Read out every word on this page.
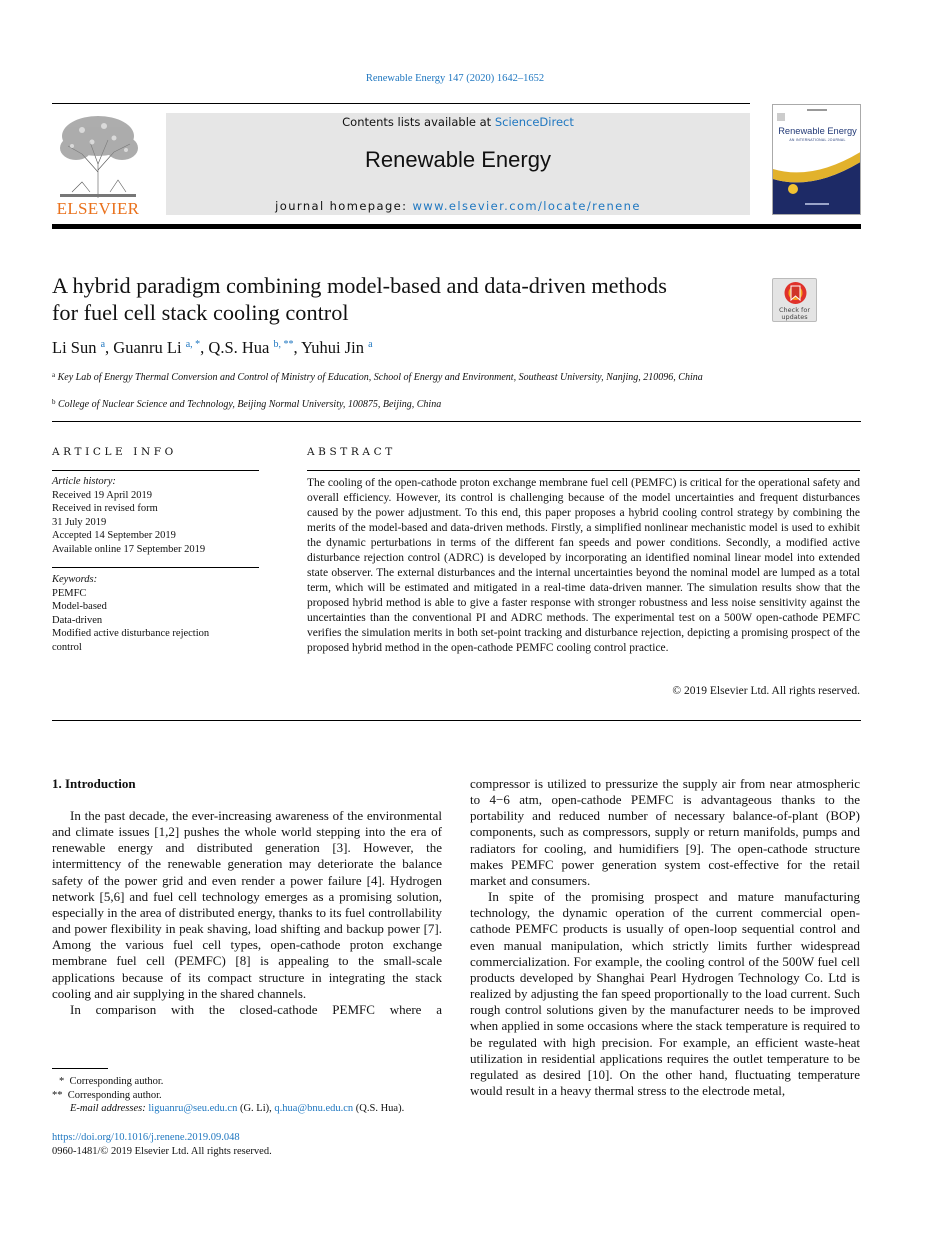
Renewable Energy 147 (2020) 1642–1652
ELSEVIER
Contents lists available at ScienceDirect
Renewable Energy
journal homepage: www.elsevier.com/locate/renene
Renewable Energy
AN INTERNATIONAL JOURNAL
A hybrid paradigm combining model-based and data-driven methods
for fuel cell stack cooling control	Check for
updates
Li Sun $^a$, Guanru Li $^{a, *}$, Q.S. Hua $^{b, **}$, Yuhui Jin $^a$
$^a$ Key Lab of Energy Thermal Conversion and Control of Ministry of Education, School of Energy and Environment, Southeast University, Nanjing, 210096, China
$^b$ College of Nuclear Science and Technology, Beijing Normal University, 100875, Beijing, China
ARTICLE INFO
Article history:
Received 19 April 2019
Received in revised form
31 July 2019
Accepted 14 September 2019
Available online 17 September 2019
Keywords:
PEMFC
Model-based
Data-driven
Modified active disturbance rejection
control
ABSTRACT
The cooling of the open-cathode proton exchange membrane fuel cell (PEMFC) is critical for the operational safety and overall efficiency. However, its control is challenging because of the model uncertainties and frequent disturbances caused by the power adjustment. To this end, this paper proposes a hybrid cooling control strategy by combining the merits of the model-based and data-driven methods. Firstly, a simplified nonlinear mechanistic model is used to exhibit the dynamic perturbations in terms of the different fan speeds and power conditions. Secondly, a modified active disturbance rejection control (ADRC) is developed by incorporating an identified nominal linear model into extended state observer. The external disturbances and the internal uncertainties beyond the nominal model are lumped as a total term, which will be estimated and mitigated in a real-time data-driven manner. The simulation results show that the proposed hybrid method is able to give a faster response with stronger robustness and less noise sensitivity against the uncertainties than the conventional PI and ADRC methods. The experimental test on a 500W open-cathode PEMFC verifies the simulation merits in both set-point tracking and disturbance rejection, depicting a promising prospect of the proposed hybrid method in the open-cathode PEMFC cooling control practice.
© 2019 Elsevier Ltd. All rights reserved.
1. Introduction

In the past decade, the ever-increasing awareness of the environmental and climate issues [1,2] pushes the whole world stepping into the era of renewable energy and distributed generation [3]. However, the intermittency of the renewable generation may deteriorate the balance safety of the power grid and even render a power failure [4]. Hydrogen network [5,6] and fuel cell technology emerges as a promising solution, especially in the area of distributed energy, thanks to its fuel controllability and power flexibility in peak shaving, load shifting and backup power [7]. Among the various fuel cell types, open-cathode proton exchange membrane fuel cell (PEMFC) [8] is appealing to the small-scale applications because of its compact structure in integrating the stack cooling and air supplying in the shared channels.

In comparison with the closed-cathode PEMFC where a

compressor is utilized to pressurize the supply air from near atmospheric to 4−6 atm, open-cathode PEMFC is advantageous thanks to the portability and reduced number of necessary balance-of-plant (BOP) components, such as compressors, supply or return manifolds, pumps and radiators for cooling, and humidifiers [9]. The open-cathode structure makes PEMFC power generation system cost-effective for the retail market and consumers.

In spite of the promising prospect and mature manufacturing technology, the dynamic operation of the current commercial open-cathode PEMFC products is usually of open-loop sequential control and even manual manipulation, which strictly limits further widespread commercialization. For example, the cooling control of the 500W fuel cell products developed by Shanghai Pearl Hydrogen Technology Co. Ltd is realized by adjusting the fan speed proportionally to the load current. Such rough control solutions given by the manufacturer needs to be improved when applied in some occasions where the stack temperature is required to be regulated with high precision. For example, an efficient waste-heat utilization in residential applications requires the outlet temperature to be regulated as desired [10]. On the other hand, fluctuating temperature would result in a heavy thermal stress to the electrode metal,

*  Corresponding author.
**  Corresponding author.
E-mail addresses: liguanru@seu.edu.cn (G. Li), q.hua@bnu.edu.cn (Q.S. Hua).
https://doi.org/10.1016/j.renene.2019.09.048
0960-1481/© 2019 Elsevier Ltd. All rights reserved.
